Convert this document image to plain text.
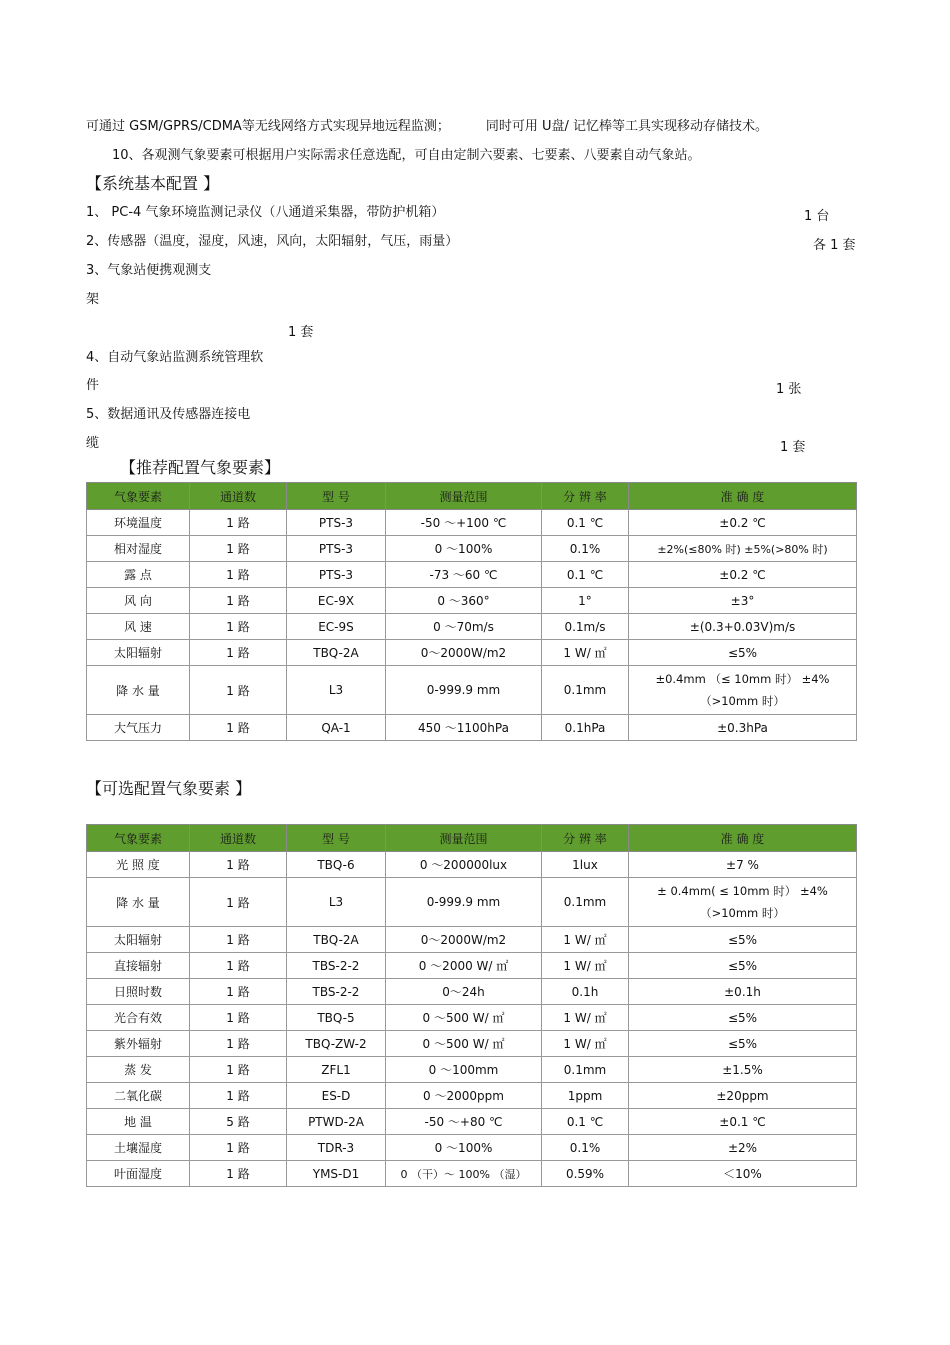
可通过 GSM/GPRS/CDMA等无线网络方式实现异地远程监测；	同时可用 U盘/ 记忆棒等工具实现移动存储技术。
10、各观测气象要素可根据用户实际需求任意选配，可自由定制六要素、七要素、八要素自动气象站。
【系统基本配置 】
1、 PC-4 气象环境监测记录仪（八通道采集器，带防护机箱）	1 台
2、传感器（温度，湿度，风速，风向，太阳辐射，气压，雨量）	各 1 套
3、气象站便携观测支
架
1 套
4、自动气象站监测系统管理软
件	1 张
5、数据通讯及传感器连接电
缆	1 套
【推荐配置气象要素】
气象要素	通道数	型 号	测量范围	分 辨 率	准 确 度
环境温度	1 路	PTS-3	-50 ～+100 ℃	0.1 ℃	±0.2 ℃
相对湿度	1 路	PTS-3	0 ～100%	0.1%	±2%(≤80% 时) ±5%(>80% 时)
露 点	1 路	PTS-3	-73 ～60 ℃	0.1 ℃	±0.2 ℃
风 向	1 路	EC-9X	0 ～360°	1°	±3°
风 速	1 路	EC-9S	0 ～70m/s	0.1m/s	±(0.3+0.03V)m/s
太阳辐射	1 路	TBQ-2A	0～2000W/m2	1 W/ ㎡	≤5%
降 水 量	1 路	L3	0-999.9 mm	0.1mm	±0.4mm （≤ 10mm 时） ±4%
（>10mm 时）

大气压力	1 路	QA-1	450 ～1100hPa	0.1hPa	±0.3hPa
【可选配置气象要素 】
气象要素	通道数	型 号	测量范围	分 辨 率	准 确 度
光 照 度	1 路	TBQ-6	0 ～200000lux	1lux	±7 %
降 水 量	1 路	L3	0-999.9 mm	0.1mm	± 0.4mm( ≤ 10mm 时） ±4%
（>10mm 时）

太阳辐射	1 路	TBQ-2A	0～2000W/m2	1 W/ ㎡	≤5%
直接辐射	1 路	TBS-2-2	0 ～2000 W/ ㎡	1 W/ ㎡	≤5%
日照时数	1 路	TBS-2-2	0～24h	0.1h	±0.1h
光合有效	1 路	TBQ-5	0 ～500 W/ ㎡	1 W/ ㎡	≤5%
紫外辐射	1 路	TBQ-ZW-2	0 ～500 W/ ㎡	1 W/ ㎡	≤5%
蒸 发	1 路	ZFL1	0 ～100mm	0.1mm	±1.5%
二氧化碳	1 路	ES-D	0 ～2000ppm	1ppm	±20ppm
地 温	5 路	PTWD-2A	-50 ～+80 ℃	0.1 ℃	±0.1 ℃
土壤湿度	1 路	TDR-3	0 ～100%	0.1%	±2%
叶面湿度	1 路	YMS-D1	0 （干）～ 100% （湿）	0.59%	＜10%
